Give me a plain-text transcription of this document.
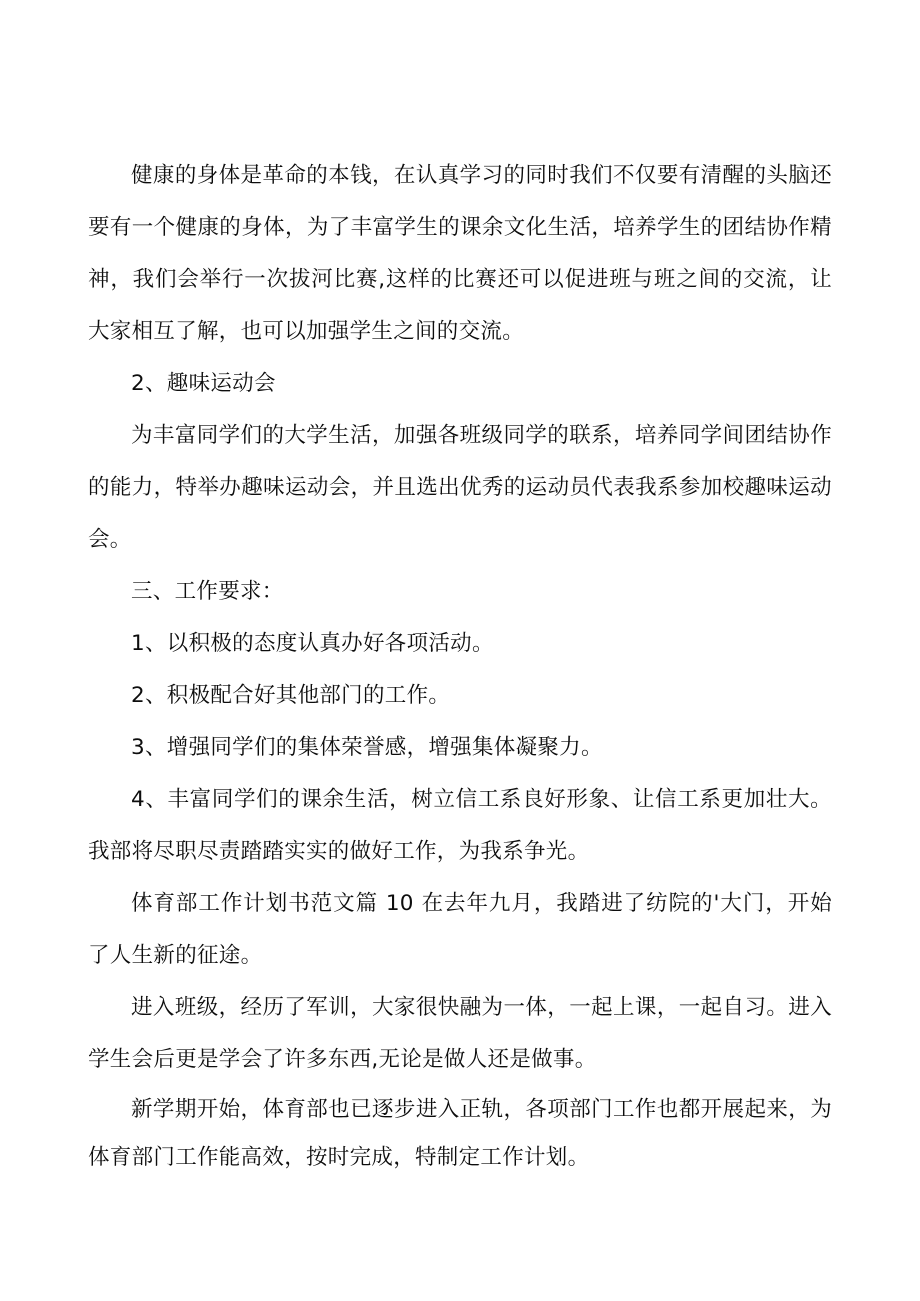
健康的身体是革命的本钱，在认真学习的同时我们不仅要有清醒的头脑还要有一个健康的身体，为了丰富学生的课余文化生活，培养学生的团结协作精神，我们会举行一次拔河比赛,这样的比赛还可以促进班与班之间的交流，让大家相互了解，也可以加强学生之间的交流。

2、趣味运动会

为丰富同学们的大学生活，加强各班级同学的联系，培养同学间团结协作的能力，特举办趣味运动会，并且选出优秀的运动员代表我系参加校趣味运动会。

三、工作要求：

1、以积极的态度认真办好各项活动。

2、积极配合好其他部门的工作。

3、增强同学们的集体荣誉感，增强集体凝聚力。

4、丰富同学们的课余生活，树立信工系良好形象、让信工系更加壮大。我部将尽职尽责踏踏实实的做好工作，为我系争光。

体育部工作计划书范文篇 10 在去年九月，我踏进了纺院的'大门，开始了人生新的征途。

进入班级，经历了军训，大家很快融为一体，一起上课，一起自习。进入学生会后更是学会了许多东西,无论是做人还是做事。

新学期开始，体育部也已逐步进入正轨，各项部门工作也都开展起来，为体育部门工作能高效，按时完成，特制定工作计划。
